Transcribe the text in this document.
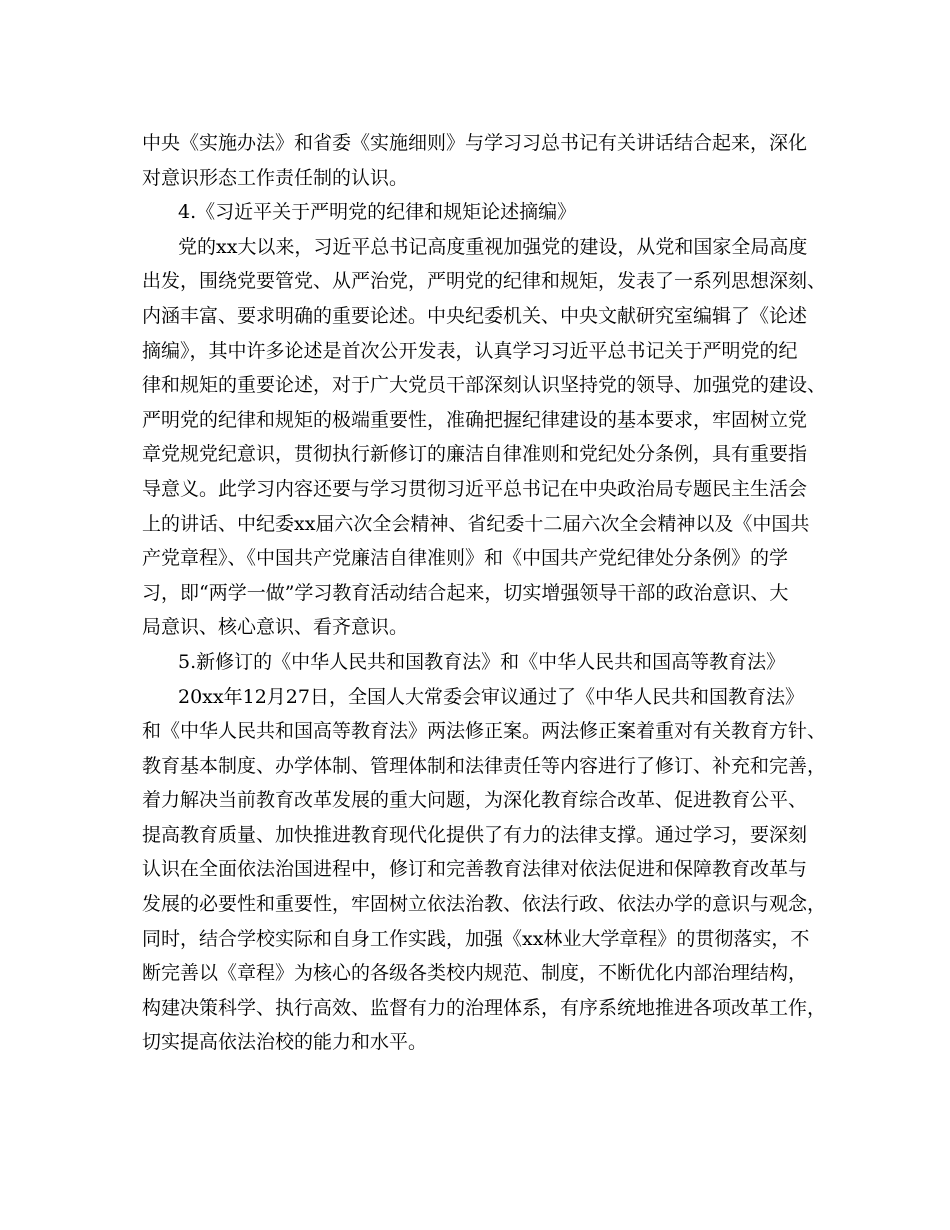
中央《实施办法》和省委《实施细则》与学习习总书记有关讲话结合起来，深化
对意识形态工作责任制的认识。
4.《习近平关于严明党的纪律和规矩论述摘编》
党的xx大以来，习近平总书记高度重视加强党的建设，从党和国家全局高度
出发，围绕党要管党、从严治党，严明党的纪律和规矩，发表了一系列思想深刻、
内涵丰富、要求明确的重要论述。中央纪委机关、中央文献研究室编辑了《论述
摘编》，其中许多论述是首次公开发表，认真学习习近平总书记关于严明党的纪
律和规矩的重要论述，对于广大党员干部深刻认识坚持党的领导、加强党的建设、
严明党的纪律和规矩的极端重要性，准确把握纪律建设的基本要求，牢固树立党
章党规党纪意识，贯彻执行新修订的廉洁自律准则和党纪处分条例，具有重要指
导意义。此学习内容还要与学习贯彻习近平总书记在中央政治局专题民主生活会
上的讲话、中纪委xx届六次全会精神、省纪委十二届六次全会精神以及《中国共
产党章程》、《中国共产党廉洁自律准则》和《中国共产党纪律处分条例》的学
习，即“两学一做”学习教育活动结合起来，切实增强领导干部的政治意识、大
局意识、核心意识、看齐意识。
5.新修订的《中华人民共和国教育法》和《中华人民共和国高等教育法》
20xx年12月27日，全国人大常委会审议通过了《中华人民共和国教育法》
和《中华人民共和国高等教育法》两法修正案。两法修正案着重对有关教育方针、
教育基本制度、办学体制、管理体制和法律责任等内容进行了修订、补充和完善，
着力解决当前教育改革发展的重大问题，为深化教育综合改革、促进教育公平、
提高教育质量、加快推进教育现代化提供了有力的法律支撑。通过学习，要深刻
认识在全面依法治国进程中，修订和完善教育法律对依法促进和保障教育改革与
发展的必要性和重要性，牢固树立依法治教、依法行政、依法办学的意识与观念，
同时，结合学校实际和自身工作实践，加强《xx林业大学章程》的贯彻落实，不
断完善以《章程》为核心的各级各类校内规范、制度，不断优化内部治理结构，
构建决策科学、执行高效、监督有力的治理体系，有序系统地推进各项改革工作，
切实提高依法治校的能力和水平。
